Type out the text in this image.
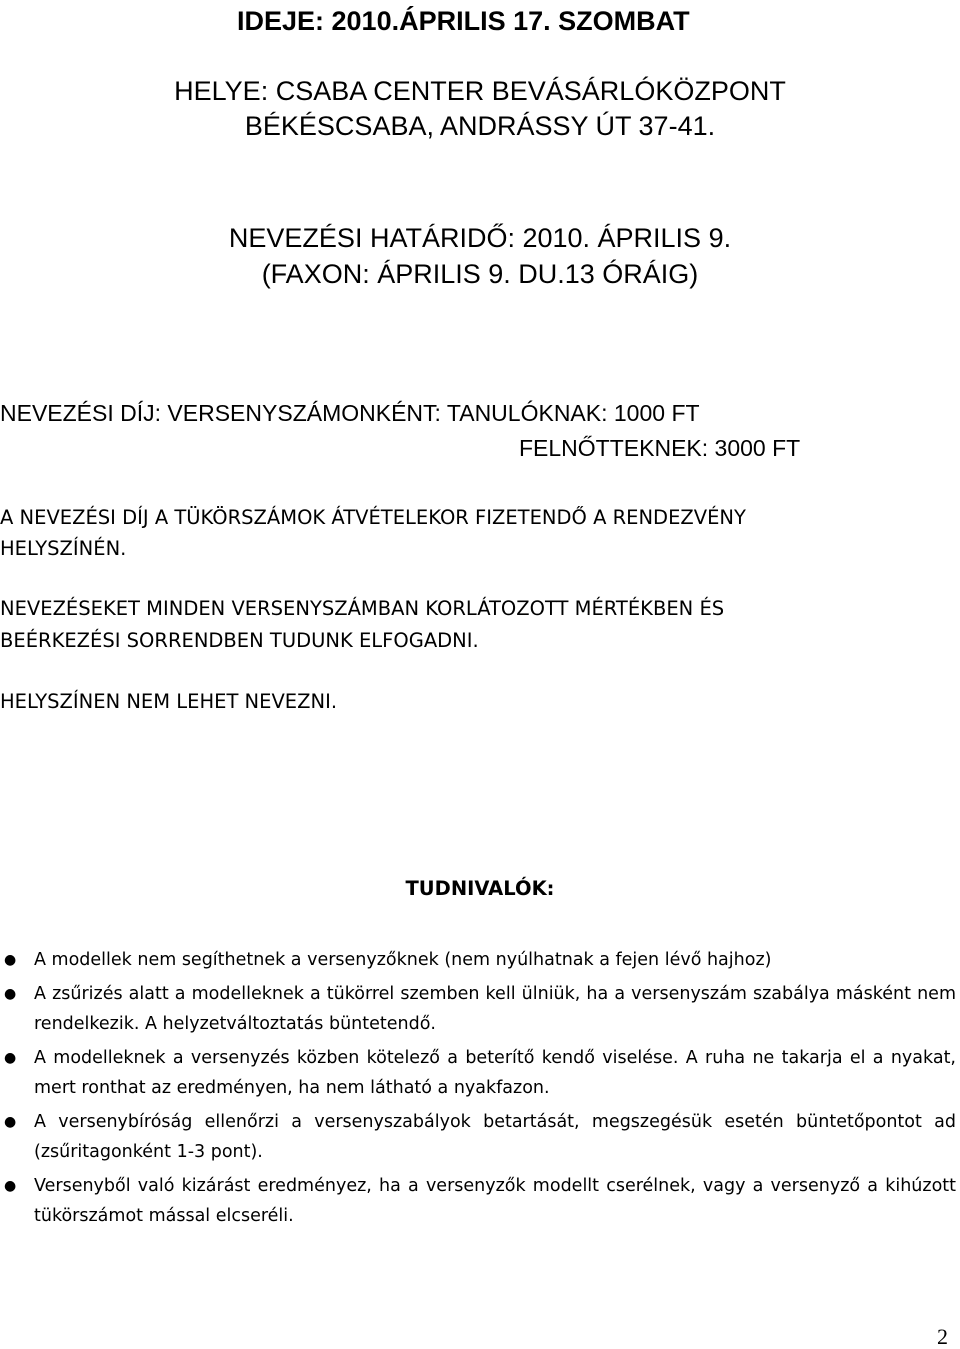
IDEJE: 2010.ÁPRILIS 17. SZOMBAT

HELYE: CSABA CENTER BEVÁSÁRLÓKÖZPONT

BÉKÉSCSABA, ANDRÁSSY ÚT 37-41.

NEVEZÉSI HATÁRIDŐ: 2010. ÁPRILIS 9.

(FAXON: ÁPRILIS 9. DU.13 ÓRÁIG)

NEVEZÉSI DÍJ: VERSENYSZÁMONKÉNT: TANULÓKNAK: 1000 FT

FELNŐTTEKNEK: 3000 FT

A NEVEZÉSI DÍJ A TÜKÖRSZÁMOK ÁTVÉTELEKOR FIZETENDŐ A RENDEZVÉNY

HELYSZÍNÉN.

NEVEZÉSEKET MINDEN VERSENYSZÁMBAN KORLÁTOZOTT MÉRTÉKBEN ÉS

BEÉRKEZÉSI SORRENDBEN TUDUNK ELFOGADNI.

HELYSZÍNEN NEM LEHET NEVEZNI.

TUDNIVALÓK:

● A modellek nem segíthetnek a versenyzőknek (nem nyúlhatnak a fejen lévő hajhoz)
● A zsűrizés alatt a modelleknek a tükörrel szemben kell ülniük, ha a versenyszám szabálya másként nem rendelkezik. A helyzetváltoztatás büntetendő.
● A modelleknek a versenyzés közben kötelező a beterítő kendő viselése. A ruha ne takarja el a nyakat, mert ronthat az eredményen, ha nem látható a nyakfazon.
● A versenybíróság ellenőrzi a versenyszabályok betartását, megszegésük esetén büntetőpontot ad (zsűritagonként 1-3 pont).
● Versenyből való kizárást eredményez, ha a versenyzők modellt cserélnek, vagy a versenyző a kihúzott tükörszámot mással elcseréli.

2
